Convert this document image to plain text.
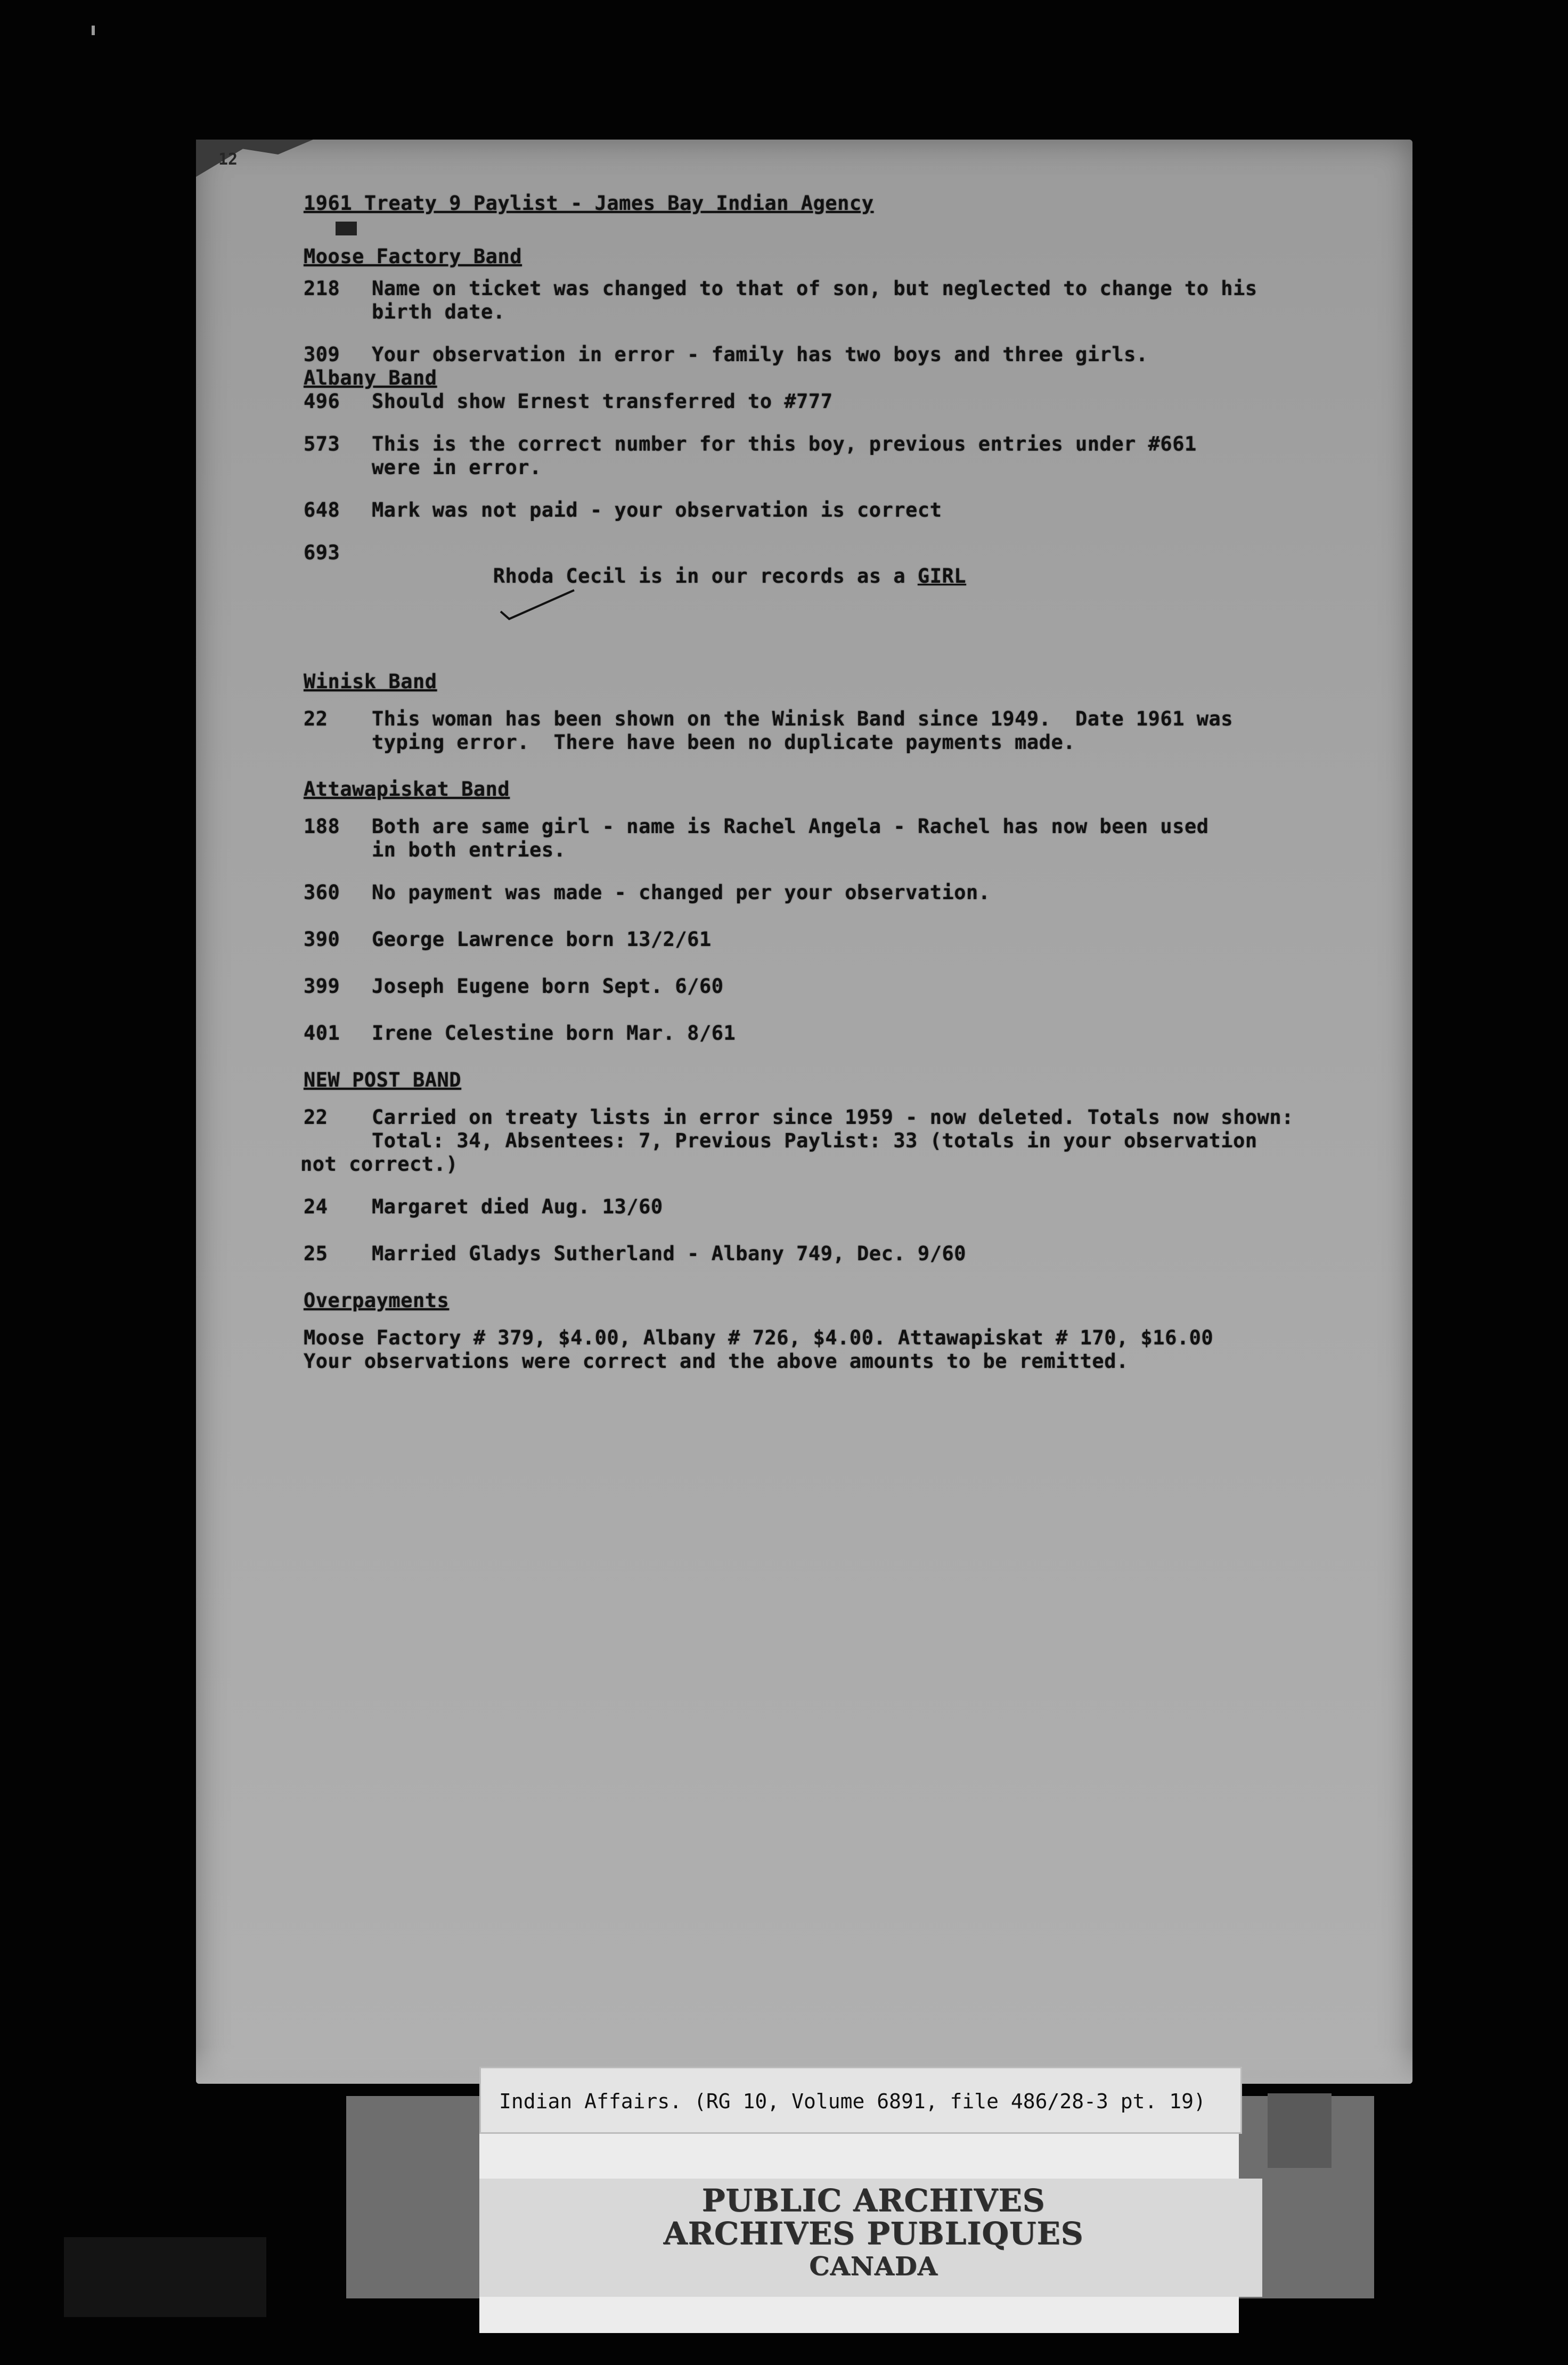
12
1961 Treaty 9 Paylist - James Bay Indian Agency
Moose Factory Band
218	Name on ticket was changed to that of son, but neglected to change to his
birth date.
309	Your observation in error - family has two boys and three girls.
Albany Band
496	Should show Ernest transferred to #777
573	This is the correct number for this boy, previous entries under #661
were in error.
648	Mark was not paid - your observation is correct
693

Rhoda Cecil is in our records as a GIRL

Winisk Band
22	This woman has been shown on the Winisk Band since 1949.  Date 1961 was
typing error.  There have been no duplicate payments made.
Attawapiskat Band
188	Both are same girl - name is Rachel Angela - Rachel has now been used
in both entries.
360	No payment was made - changed per your observation.
390	George Lawrence born 13/2/61
399	Joseph Eugene born Sept. 6/60
401	Irene Celestine born Mar. 8/61
NEW POST BAND
22	Carried on treaty lists in error since 1959 - now deleted. Totals now shown:
Total: 34, Absentees: 7, Previous Paylist: 33 (totals in your observation
not correct.)
24	Margaret died Aug. 13/60
25	Married Gladys Sutherland - Albany 749, Dec. 9/60
Overpayments
Moose Factory # 379, $4.00, Albany # 726, $4.00. Attawapiskat # 170, $16.00
Your observations were correct and the above amounts to be remitted.
Indian Affairs. (RG 10, Volume 6891, file 486/28-3 pt. 19)
PUBLIC ARCHIVES
ARCHIVES PUBLIQUES
CANADA
